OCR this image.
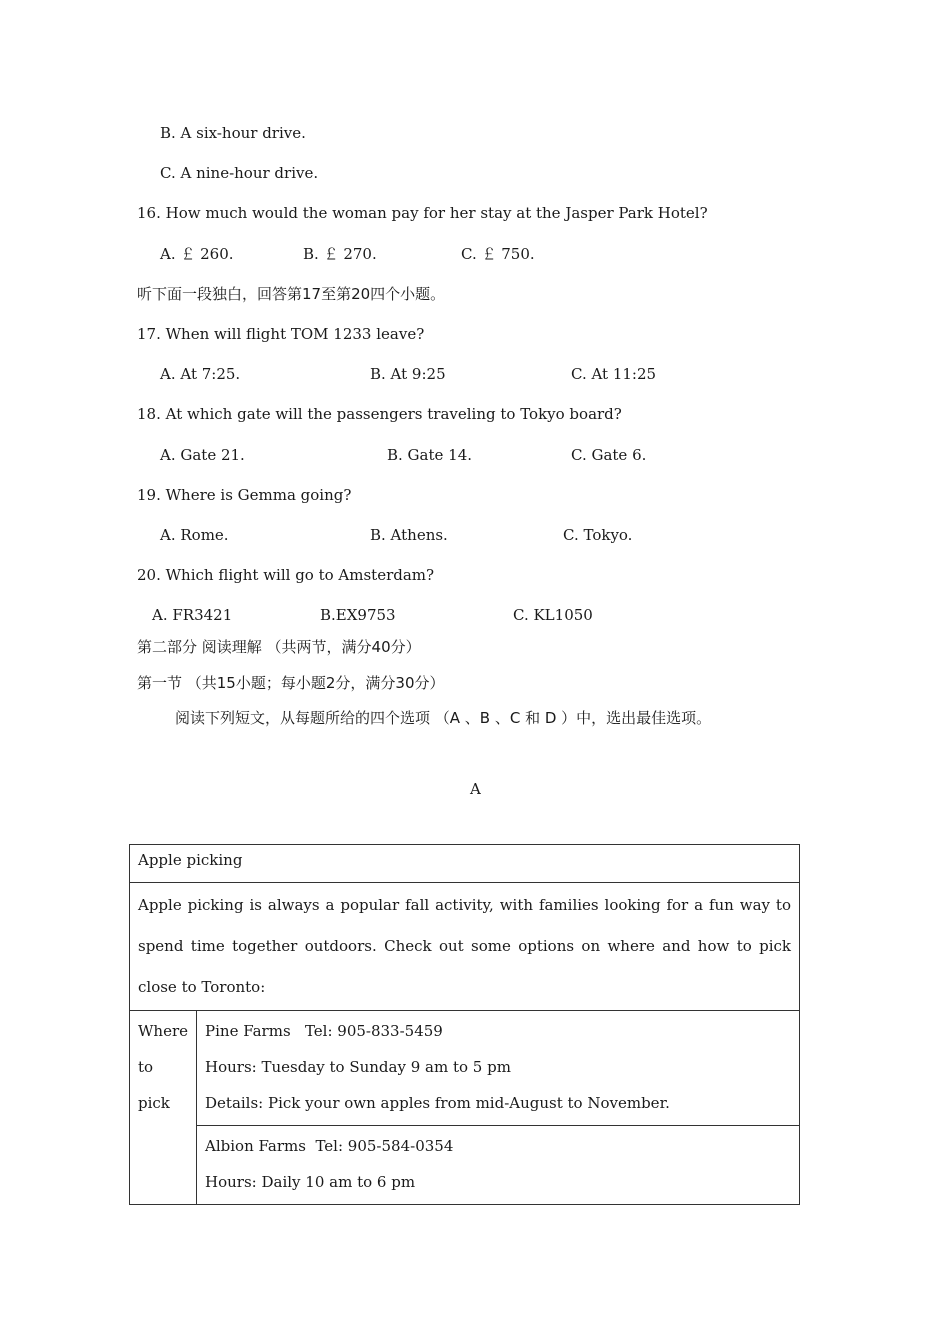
B. A six-hour drive.
C. A nine-hour drive.
16. How much would the woman pay for her stay at the Jasper Park Hotel?
A. ￡ 260.	B. ￡ 270.	C. ￡ 750.
听下面一段独白，回答第17至第20四个小题。
17. When will flight TOM 1233 leave?
A. At 7:25.	B. At 9:25	C. At 11:25
18. At which gate will the passengers traveling to Tokyo board?
A. Gate 21.	B. Gate 14.	C. Gate 6.
19. Where is Gemma going?
A. Rome.	B. Athens.	C. Tokyo.
20. Which flight will go to Amsterdam?
A. FR3421	B.EX9753	C. KL1050
第二部分 阅读理解 （共两节，满分40分）
第一节 （共15小题；每小题2分，满分30分）
阅读下列短文，从每题所给的四个选项 （A 、B 、C 和 D ）中，选出最佳选项。
A
Apple picking
Apple picking is always a popular fall activity, with families looking for a fun way to spend time together outdoors. Check out some options on where and how to pick close to Toronto:
Where to pick	
Pine Farms   Tel: 905-833-5459
Hours: Tuesday to Sunday 9 am to 5 pm
Details: Pick your own apples from mid-August to November.

Albion Farms  Tel: 905-584-0354
Hours: Daily 10 am to 6 pm
